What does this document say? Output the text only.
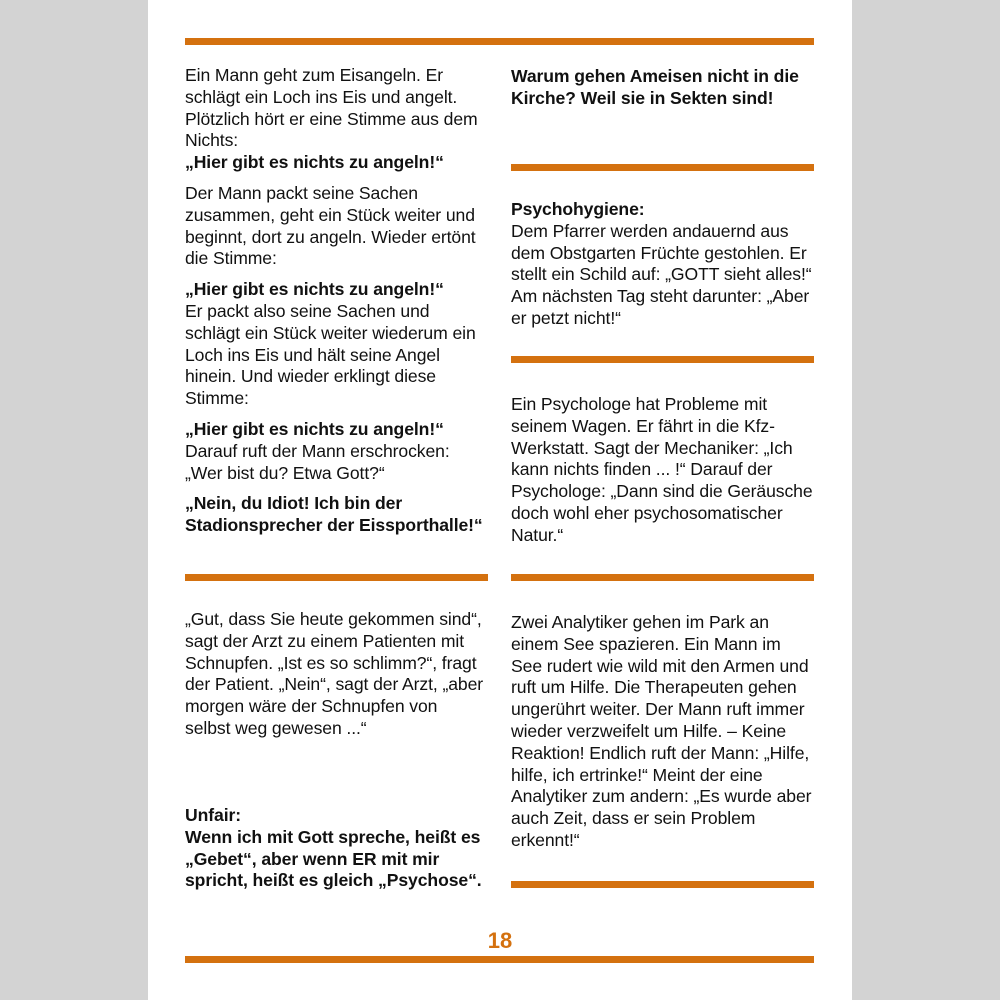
Ein Mann geht zum Eisangeln. Er schlägt ein Loch ins Eis und angelt. Plötzlich hört er eine Stimme aus dem Nichts:

„Hier gibt es nichts zu angeln!“

Der Mann packt seine Sachen zusammen, geht ein Stück weiter und beginnt, dort zu angeln. Wieder ertönt die Stimme:

„Hier gibt es nichts zu angeln!“

Er packt also seine Sachen und schlägt ein Stück weiter wiederum ein Loch ins Eis und hält seine Angel hinein. Und wieder erklingt diese Stimme:

„Hier gibt es nichts zu angeln!“

Darauf ruft der Mann erschrocken: „Wer bist du? Etwa Gott?“

„Nein, du Idiot! Ich bin der Stadionsprecher der Eissporthalle!“

Warum gehen Ameisen nicht in die Kirche? Weil sie in Sekten sind!

Psychohygiene:

Dem Pfarrer werden andauernd aus dem Obstgarten Früchte gestohlen. Er stellt ein Schild auf: „GOTT sieht alles!“ Am nächsten Tag steht darunter: „Aber er petzt nicht!“

Ein Psychologe hat Probleme mit seinem Wagen. Er fährt in die Kfz-Werkstatt. Sagt der Mechaniker: „Ich kann nichts finden ... !“ Darauf der Psychologe: „Dann sind die Geräusche doch wohl eher psychosomatischer Natur.“

„Gut, dass Sie heute gekommen sind“, sagt der Arzt zu einem Patienten mit Schnupfen. „Ist es so schlimm?“, fragt der Patient. „Nein“, sagt der Arzt, „aber morgen wäre der Schnupfen von selbst weg gewesen ...“

Unfair:

Wenn ich mit Gott spreche, heißt es „Gebet“, aber wenn ER mit mir spricht, heißt es gleich „Psychose“.

Zwei Analytiker gehen im Park an einem See spazieren. Ein Mann im See rudert wie wild mit den Armen und ruft um Hilfe. Die Therapeuten gehen ungerührt weiter. Der Mann ruft immer wieder verzweifelt um Hilfe. – Keine Reaktion! Endlich ruft der Mann: „Hilfe, hilfe, ich ertrinke!“ Meint der eine Analytiker zum andern: „Es wurde aber auch Zeit, dass er sein Problem erkennt!“

18
